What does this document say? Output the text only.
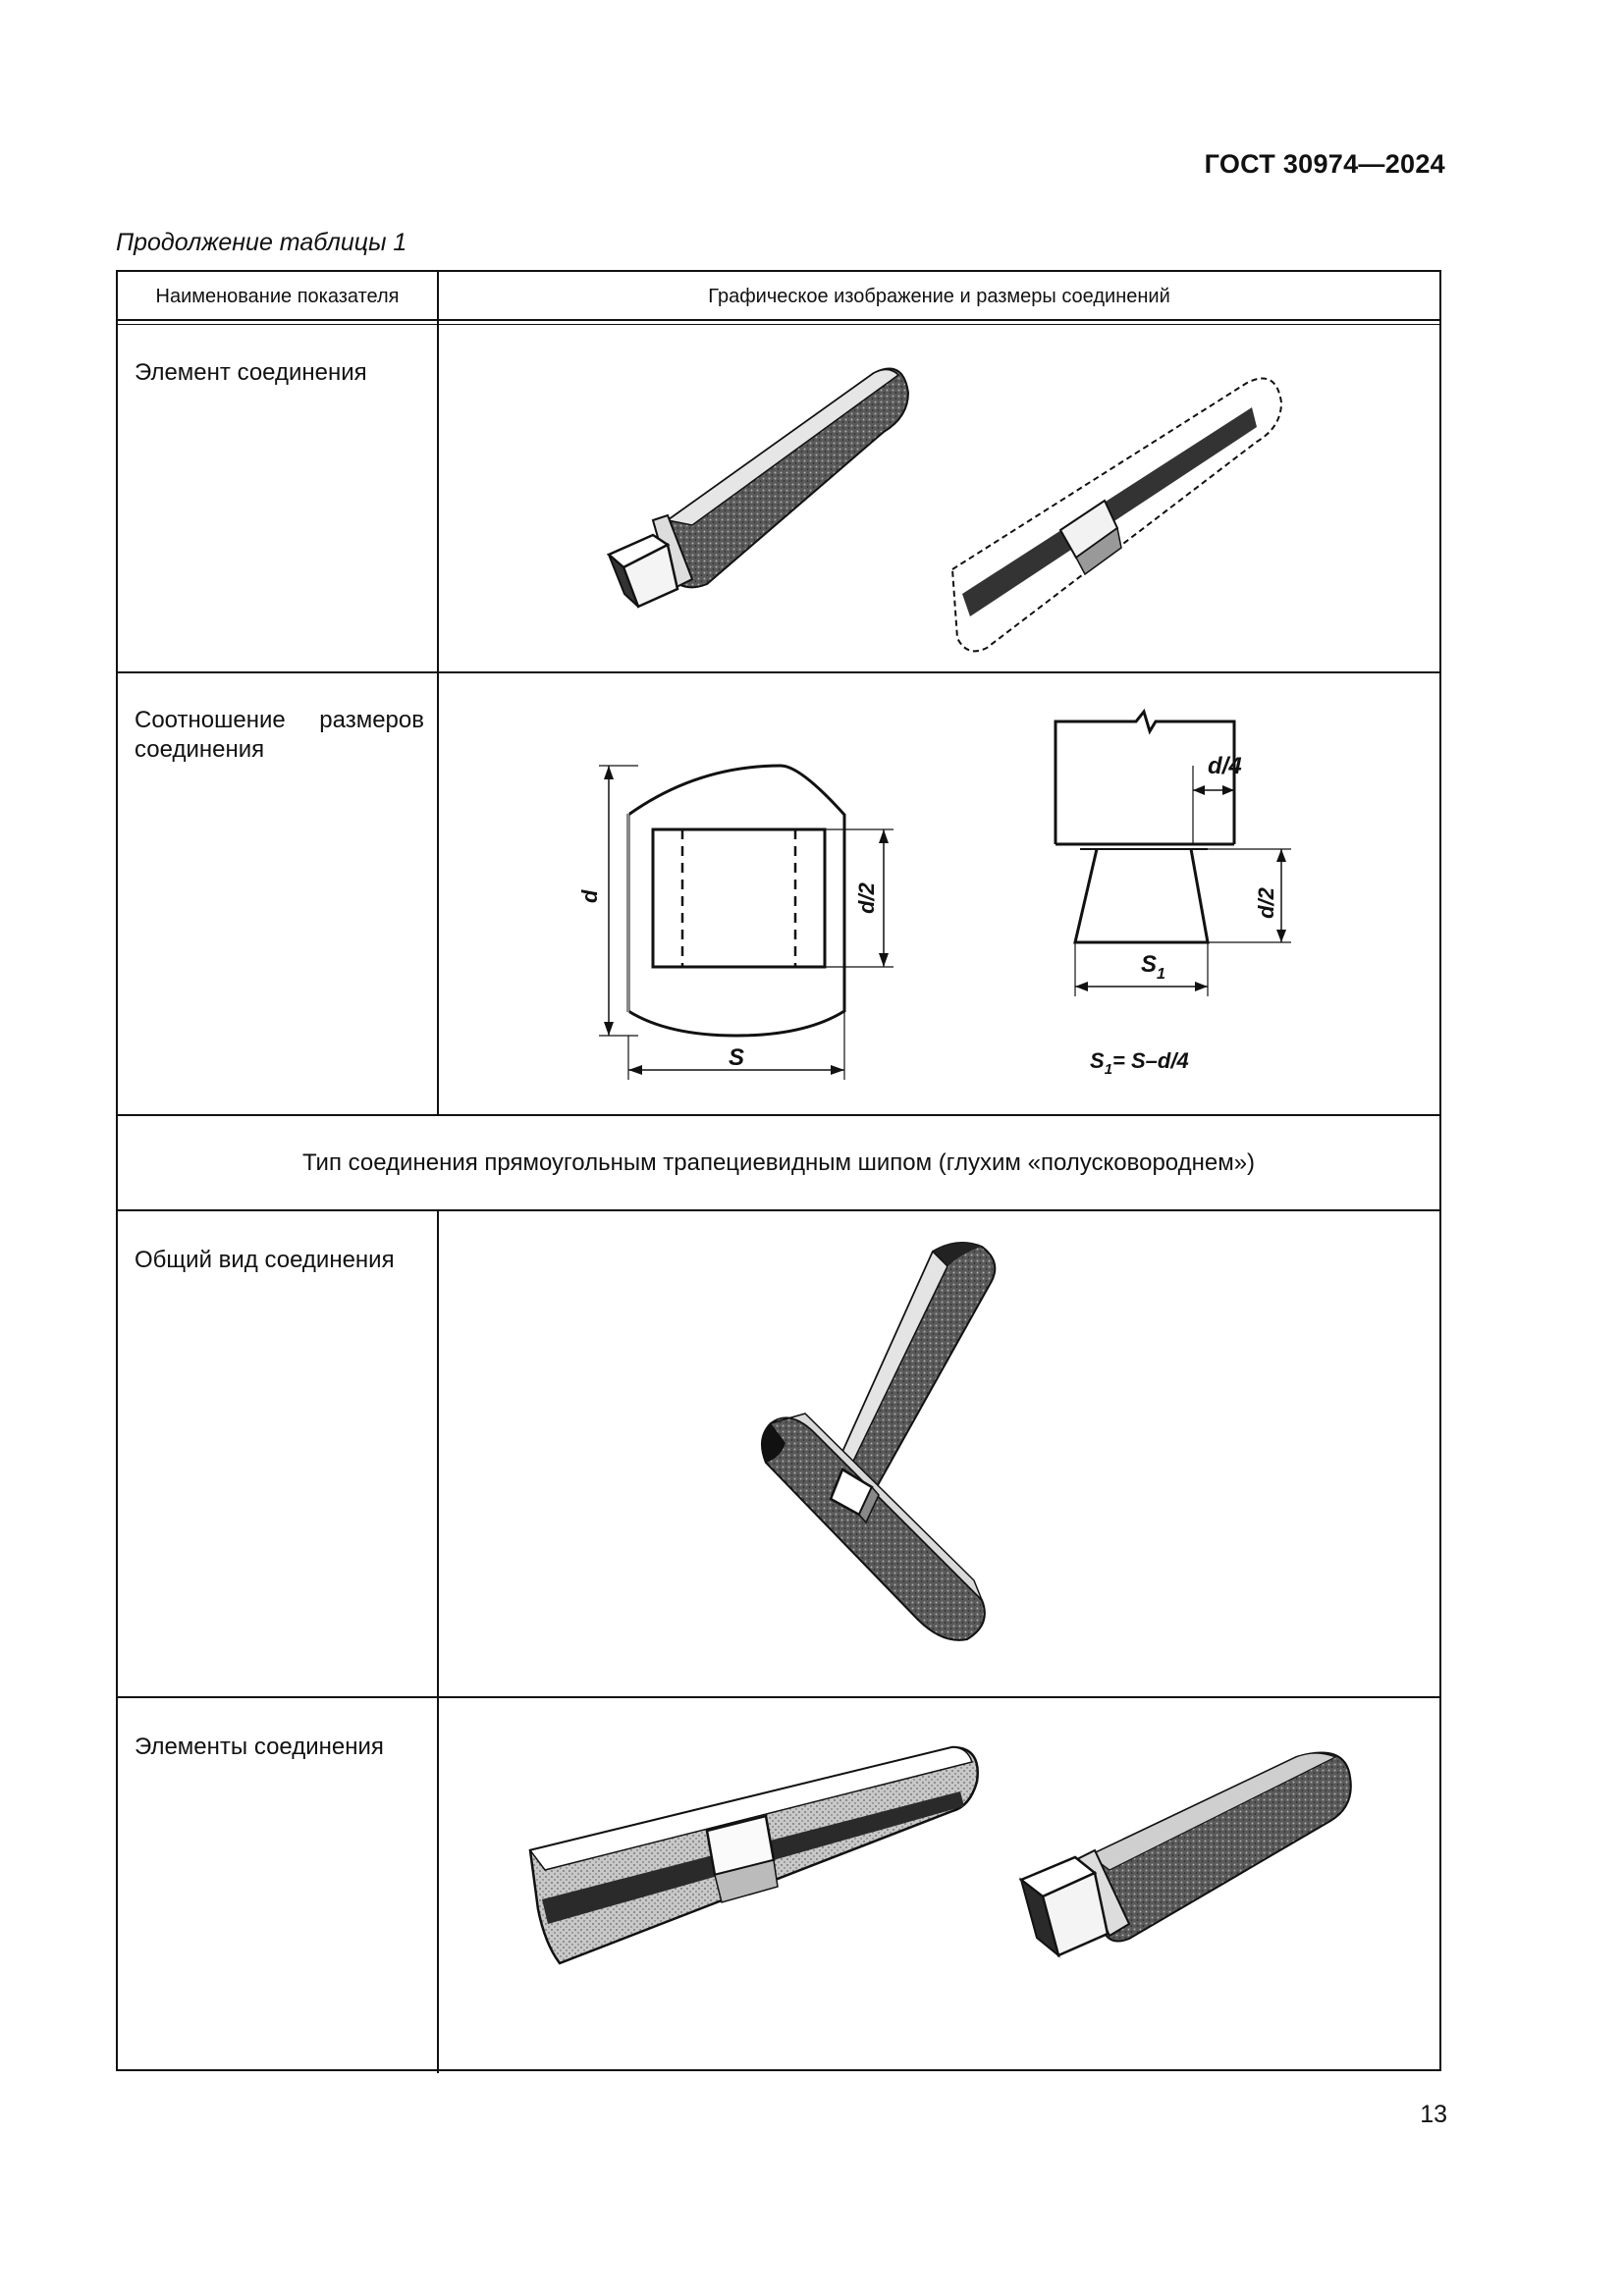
ГОСТ 30974—2024
Продолжение таблицы 1
Наименование показателя	Графическое изображение и размеры соединений
Элемент соединения
Соотношение размеров соединения
Тип соединения прямоугольным трапециевидным шипом (глухим «полусковороднем»)
Общий вид соединения
Элементы соединения
d	d/2
S
d/4
d/2
$S_1$
$S_1= S-d/4$
13
